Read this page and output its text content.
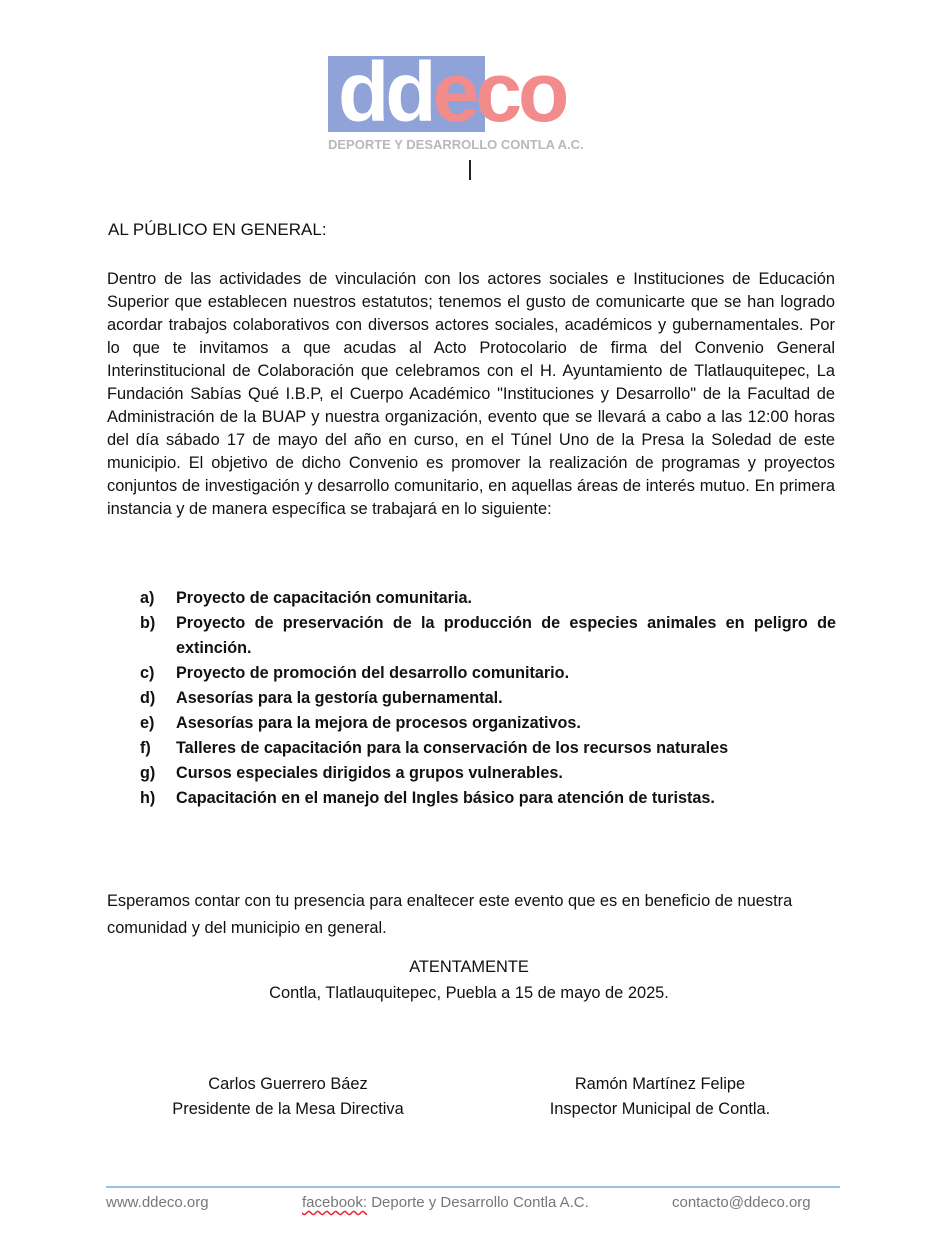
ddeco
DEPORTE Y DESARROLLO CONTLA A.C.
AL PÚBLICO EN GENERAL:
Dentro de las actividades de vinculación con los actores sociales e Instituciones de Educación Superior que establecen nuestros estatutos; tenemos el gusto de comunicarte que se han logrado acordar trabajos colaborativos con diversos actores sociales, académicos y gubernamentales. Por lo que te invitamos a que acudas al Acto Protocolario de firma del Convenio General Interinstitucional de Colaboración que celebramos con el H. Ayuntamiento de Tlatlauquitepec, La Fundación Sabías Qué I.B.P, el Cuerpo Académico "Instituciones y Desarrollo" de la Facultad de Administración de la BUAP y nuestra organización, evento que se llevará a cabo a las 12:00 horas del día sábado 17 de mayo del año en curso, en el Túnel Uno de la Presa la Soledad de este municipio. El objetivo de dicho Convenio es promover la realización de programas y proyectos conjuntos de investigación y desarrollo comunitario, en aquellas áreas de interés mutuo. En primera instancia y de manera específica se trabajará en lo siguiente:
a) Proyecto de capacitación comunitaria.
b) Proyecto de preservación de la producción de especies animales en peligro de extinción.
c) Proyecto de promoción del desarrollo comunitario.
d) Asesorías para la gestoría gubernamental.
e) Asesorías para la mejora de procesos organizativos.
f) Talleres de capacitación para la conservación de los recursos naturales
g) Cursos especiales dirigidos a grupos vulnerables.
h) Capacitación en el manejo del Ingles básico para atención de turistas.
Esperamos contar con tu presencia para enaltecer este evento que es en beneficio de nuestra comunidad y del municipio en general.
ATENTAMENTE
Contla, Tlatlauquitepec, Puebla a 15 de mayo de 2025.
Carlos Guerrero Báez
Presidente de la Mesa Directiva
Ramón Martínez Felipe
Inspector Municipal de Contla.
www.ddeco.org	facebook: Deporte y Desarrollo Contla A.C.	contacto@ddeco.org
